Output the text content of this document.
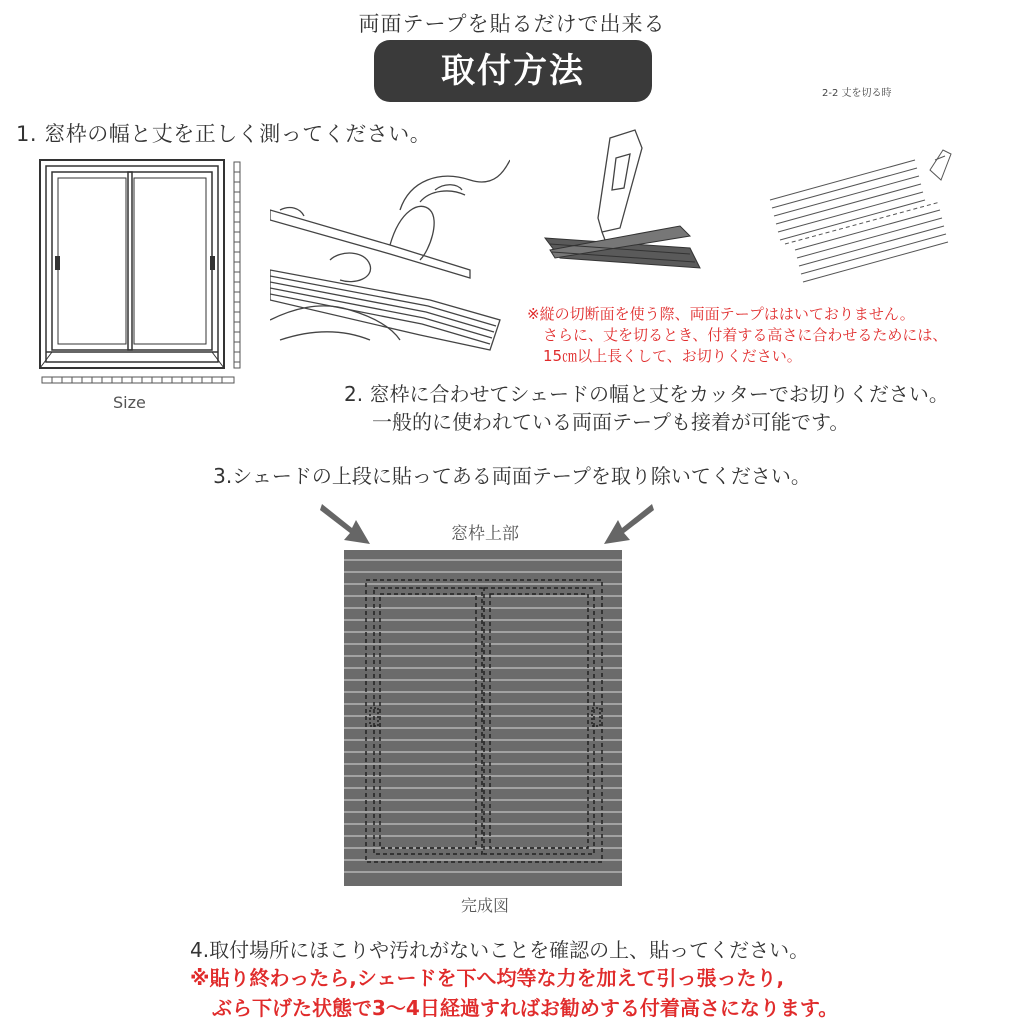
両面テープを貼るだけで出来る
取付方法
2-2 丈を切る時
1. 窓枠の幅と丈を正しく測ってください。
Size
※縦の切断面を使う際、両面テープははいておりません。
さらに、丈を切るとき、付着する高さに合わせるためには、
15㎝以上長くして、お切りください。
2. 窓枠に合わせてシェードの幅と丈をカッターでお切りください。
一般的に使われている両面テープも接着が可能です。
3.シェードの上段に貼ってある両面テープを取り除いてください。
窓枠上部
完成図
4.取付場所にほこりや汚れがないことを確認の上、貼ってください。
※貼り終わったら,シェードを下へ均等な力を加えて引っ張ったり,
ぶら下げた状態で3〜4日経過すればお勧めする付着高さになります。
